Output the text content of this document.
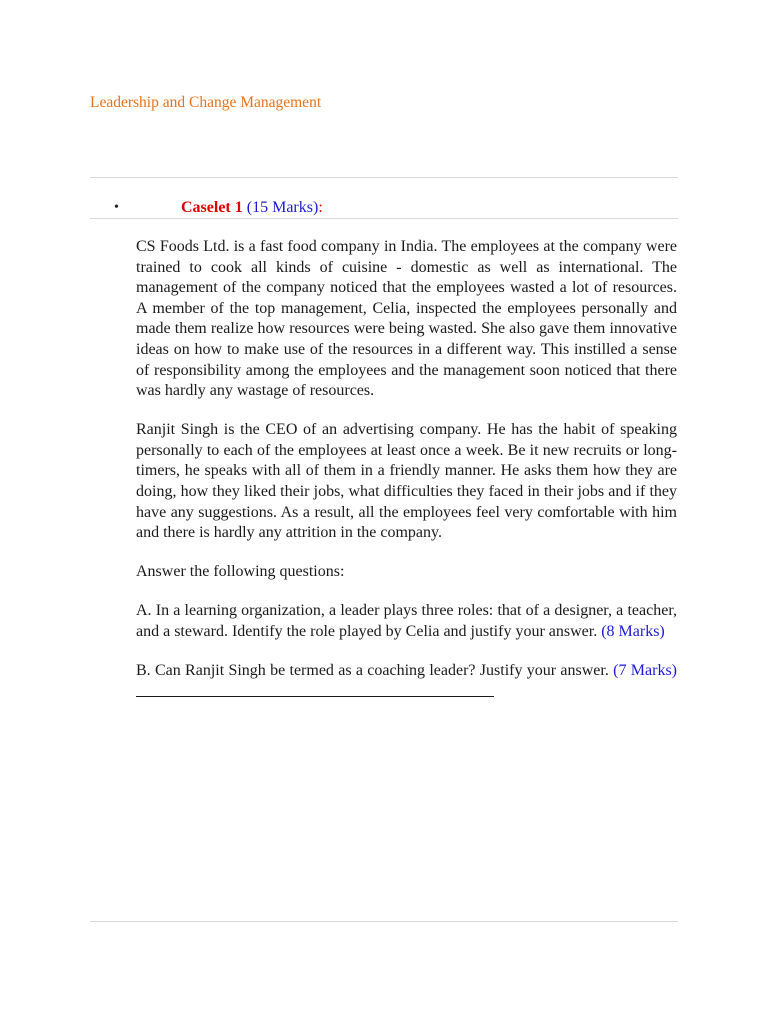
Leadership and Change Management
•	Caselet 1 (15 Marks):

CS Foods Ltd. is a fast food company in India. The employees at the company were trained to cook all kinds of cuisine - domestic as well as international. The management of the company noticed that the employees wasted a lot of resources. A member of the top management, Celia, inspected the employees personally and made them realize how resources were being wasted. She also gave them innovative ideas on how to make use of the resources in a different way. This instilled a sense of responsibility among the employees and the management soon noticed that there was hardly any wastage of resources.

Ranjit Singh is the CEO of an advertising company. He has the habit of speaking personally to each of the employees at least once a week. Be it new recruits or long-timers, he speaks with all of them in a friendly manner. He asks them how they are doing, how they liked their jobs, what difficulties they faced in their jobs and if they have any suggestions. As a result, all the employees feel very comfortable with him and there is hardly any attrition in the company.

Answer the following questions:

A. In a learning organization, a leader plays three roles: that of a designer, a teacher, and a steward. Identify the role played by Celia and justify your answer. (8 Marks)

B. Can Ranjit Singh be termed as a coaching leader? Justify your answer. (7 Marks)
